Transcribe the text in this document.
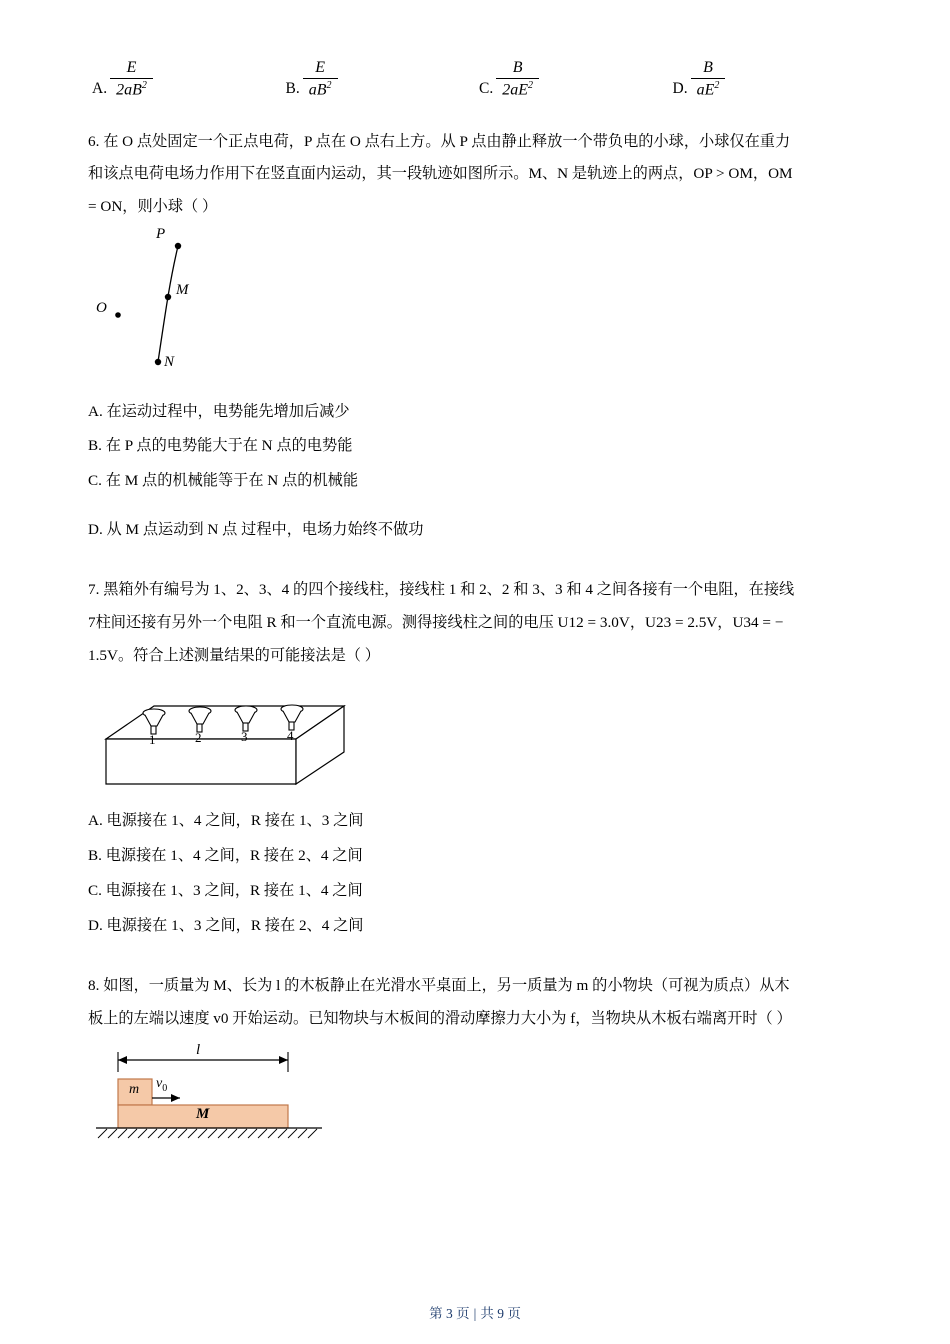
A. $\frac{E}{2aB^2}$	B. $\frac{E}{aB^2}$	C. $\frac{B}{2aE^2}$	D. $\frac{B}{aE^2}$
6. 在 O 点处固定一个正点电荷，P 点在 O 点右上方。从 P 点由静止释放一个带负电的小球，小球仅在重力
和该点电荷电场力作用下在竖直面内运动，其一段轨迹如图所示。M、N 是轨迹上的两点，OP > OM，OM
= ON，则小球（ ）
P
M
O
N
A. 在运动过程中，电势能先增加后减少
B. 在 P 点的电势能大于在 N 点的电势能
C. 在 M 点的机械能等于在 N 点的机械能
D. 从 M 点运动到 N 点 过程中，电场力始终不做功
7. 黑箱外有编号为 1、2、3、4 的四个接线柱，接线柱 1 和 2、2 和 3、3 和 4 之间各接有一个电阻，在接线
7柱间还接有另外一个电阻 R 和一个直流电源。测得接线柱之间的电压 U12 = 3.0V，U23 = 2.5V，U34 = −
1.5V。符合上述测量结果的可能接法是（ ）
1	2	3	4
A. 电源接在 1、4 之间，R 接在 1、3 之间
B. 电源接在 1、4 之间，R 接在 2、4 之间
C. 电源接在 1、3 之间，R 接在 1、4 之间
D. 电源接在 1、3 之间，R 接在 2、4 之间
8. 如图，一质量为 M、长为 l 的木板静止在光滑水平桌面上，另一质量为 m 的小物块（可视为质点）从木
板上的左端以速度 v0 开始运动。已知物块与木板间的滑动摩擦力大小为 f，当物块从木板右端离开时（ ）
l
m $v_0$
M
第 3 页 | 共 9 页
